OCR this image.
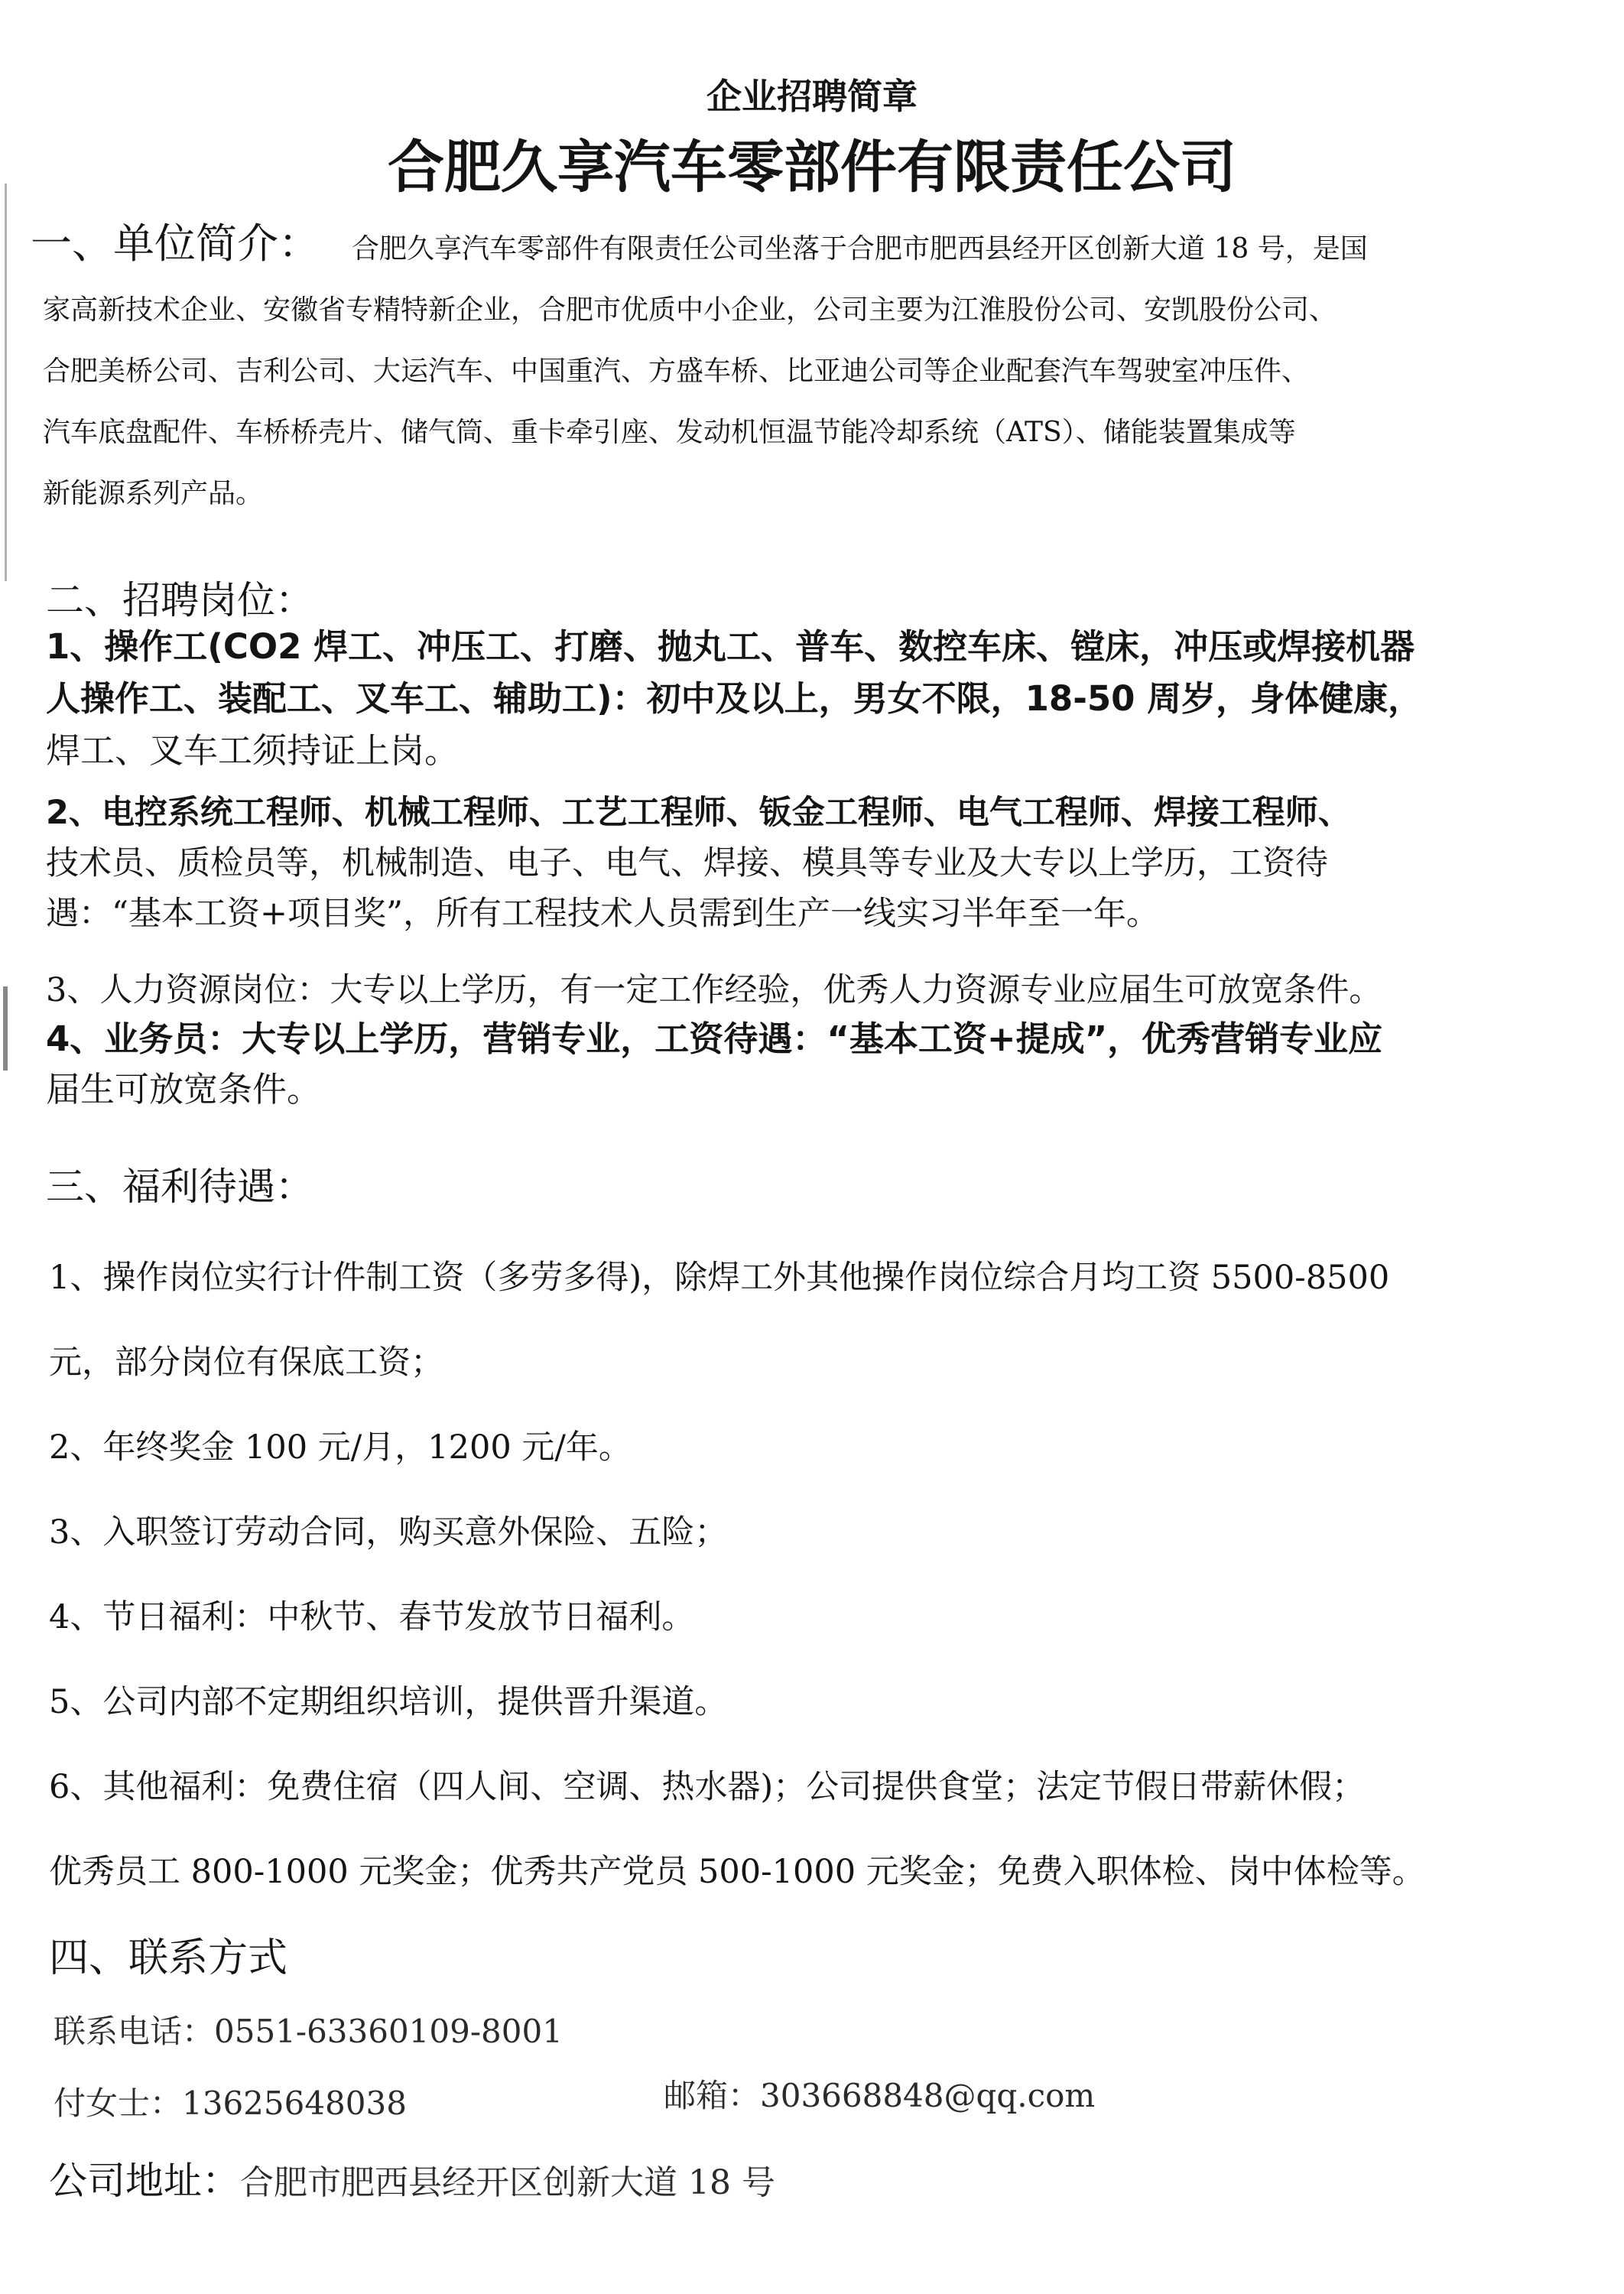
企业招聘简章
合肥久享汽车零部件有限责任公司
一、单位简介：	合肥久享汽车零部件有限责任公司坐落于合肥市肥西县经开区创新大道 18 号，是国

家高新技术企业、安徽省专精特新企业，合肥市优质中小企业，公司主要为江淮股份公司、安凯股份公司、

合肥美桥公司、吉利公司、大运汽车、中国重汽、方盛车桥、比亚迪公司等企业配套汽车驾驶室冲压件、

汽车底盘配件、车桥桥壳片、储气筒、重卡牵引座、发动机恒温节能冷却系统（ATS）、储能装置集成等

新能源系列产品。

二、招聘岗位：

1、操作工(CO2 焊工、冲压工、打磨、抛丸工、普车、数控车床、镗床，冲压或焊接机器

人操作工、装配工、叉车工、辅助工)：初中及以上，男女不限，18-50 周岁，身体健康，

焊工、叉车工须持证上岗。

2、电控系统工程师、机械工程师、工艺工程师、钣金工程师、电气工程师、焊接工程师、

技术员、质检员等，机械制造、电子、电气、焊接、模具等专业及大专以上学历，工资待

遇：“基本工资+项目奖”，所有工程技术人员需到生产一线实习半年至一年。

3、人力资源岗位：大专以上学历，有一定工作经验，优秀人力资源专业应届生可放宽条件。

4、业务员：大专以上学历，营销专业，工资待遇：“基本工资+提成”，优秀营销专业应

届生可放宽条件。

三、福利待遇：

1、操作岗位实行计件制工资（多劳多得)，除焊工外其他操作岗位综合月均工资 5500-8500

元，部分岗位有保底工资；

2、年终奖金 100 元/月，1200 元/年。

3、入职签订劳动合同，购买意外保险、五险；

4、节日福利：中秋节、春节发放节日福利。

5、公司内部不定期组织培训，提供晋升渠道。

6、其他福利：免费住宿（四人间、空调、热水器)；公司提供食堂；法定节假日带薪休假；

优秀员工 800-1000 元奖金；优秀共产党员 500-1000 元奖金；免费入职体检、岗中体检等。

四、联系方式
联系电话：0551-63360109-8001
付女士：13625648038	邮箱：303668848@qq.com
公司地址：合肥市肥西县经开区创新大道 18 号
